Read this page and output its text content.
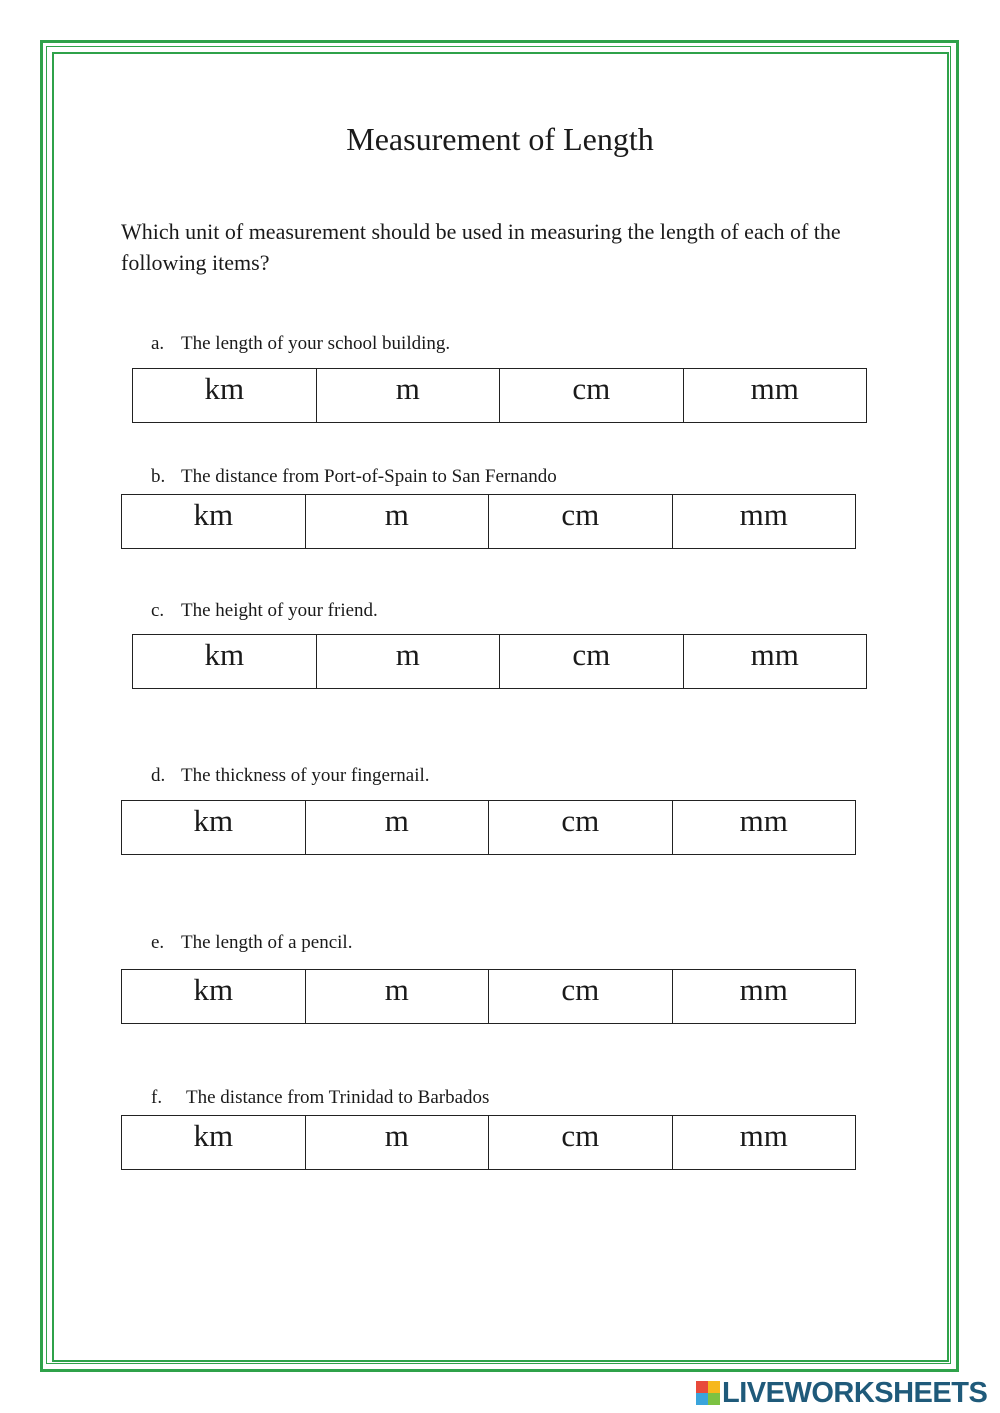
Measurement of Length
Which unit of measurement should be used in measuring the length of each of the following items?
a. The length of your school building.
km	m	cm	mm
b. The distance from Port-of-Spain to San Fernando
km	m	cm	mm
c. The height of your friend.
km	m	cm	mm
d. The thickness of your fingernail.
km	m	cm	mm
e. The length of a pencil.
km	m	cm	mm
f. The distance from Trinidad to Barbados
km	m	cm	mm
LIVEWORKSHEETS
